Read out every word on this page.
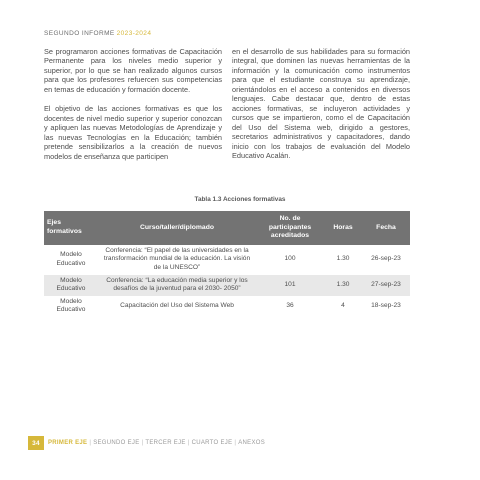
SEGUNDO INFORME 2023-2024

Se programaron acciones formativas de Capacitación Permanente para los niveles medio superior y superior, por lo que se han realizado algunos cursos para que los profesores refuercen sus competencias en temas de educación y formación docente.

El objetivo de las acciones formativas es que los docentes de nivel medio superior y superior conozcan y apliquen las nuevas Metodologías de Aprendizaje y las nuevas Tecnologías en la Educación; también pretende sensibilizarlos a la creación de nuevos modelos de enseñanza que participen

en el desarrollo de sus habilidades para su formación integral, que dominen las nuevas herramientas de la información y la comunicación como instrumentos para que el estudiante construya su aprendizaje, orientándolos en el acceso a contenidos en diversos lenguajes. Cabe destacar que, dentro de estas acciones formativas, se incluyeron actividades y cursos que se impartieron, como el de Capacitación del Uso del Sistema web, dirigido a gestores, secretarios administrativos y capacitadores, dando inicio con los trabajos de evaluación del Modelo Educativo Acalán.

Tabla 1.3 Acciones formativas
Ejes formativos	Curso/taller/diplomado	No. de participantes acreditados	Horas	Fecha
Modelo Educativo	Conferencia: “El papel de las universidades en la transformación mundial de la educación. La visión de la UNESCO”	100	1.30	26-sep-23
Modelo Educativo	Conferencia: “La educación media superior y los desafíos de la juventud para el 2030- 2050”	101	1.30	27-sep-23
Modelo Educativo	Capacitación del Uso del Sistema Web	36	4	18-sep-23
34	PRIMER EJE | SEGUNDO EJE | TERCER EJE | CUARTO EJE | ANEXOS
